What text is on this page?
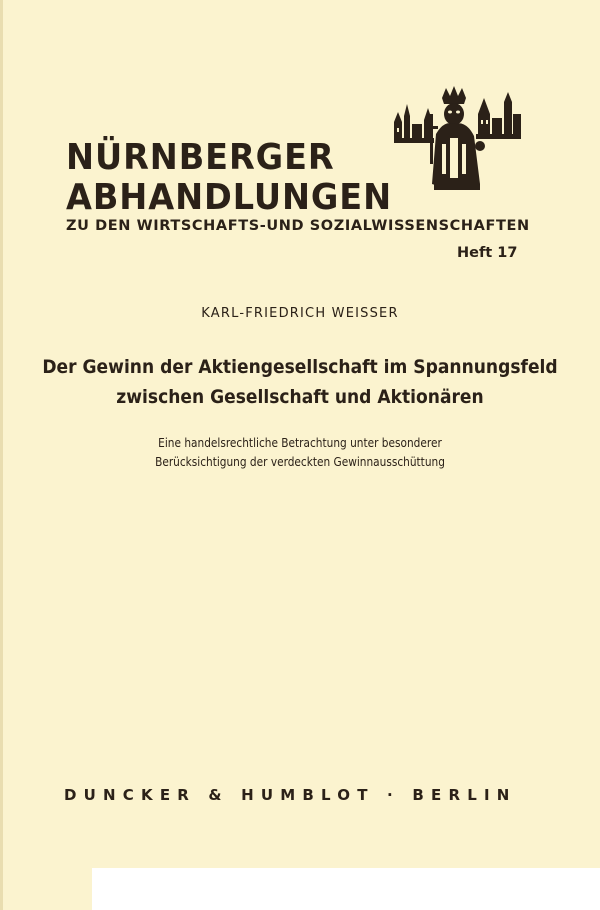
NÜRNBERGER
ABHANDLUNGEN
ZU DEN WIRTSCHAFTS-UND SOZIALWISSENSCHAFTEN
Heft 17
KARL-FRIEDRICH WEISSER
Der Gewinn der Aktiengesellschaft im Spannungsfeld
zwischen Gesellschaft und Aktionären
Eine handelsrechtliche Betrachtung unter besonderer
Berücksichtigung der verdeckten Gewinnausschüttung
DUNCKER & HUMBLOT · BERLIN
